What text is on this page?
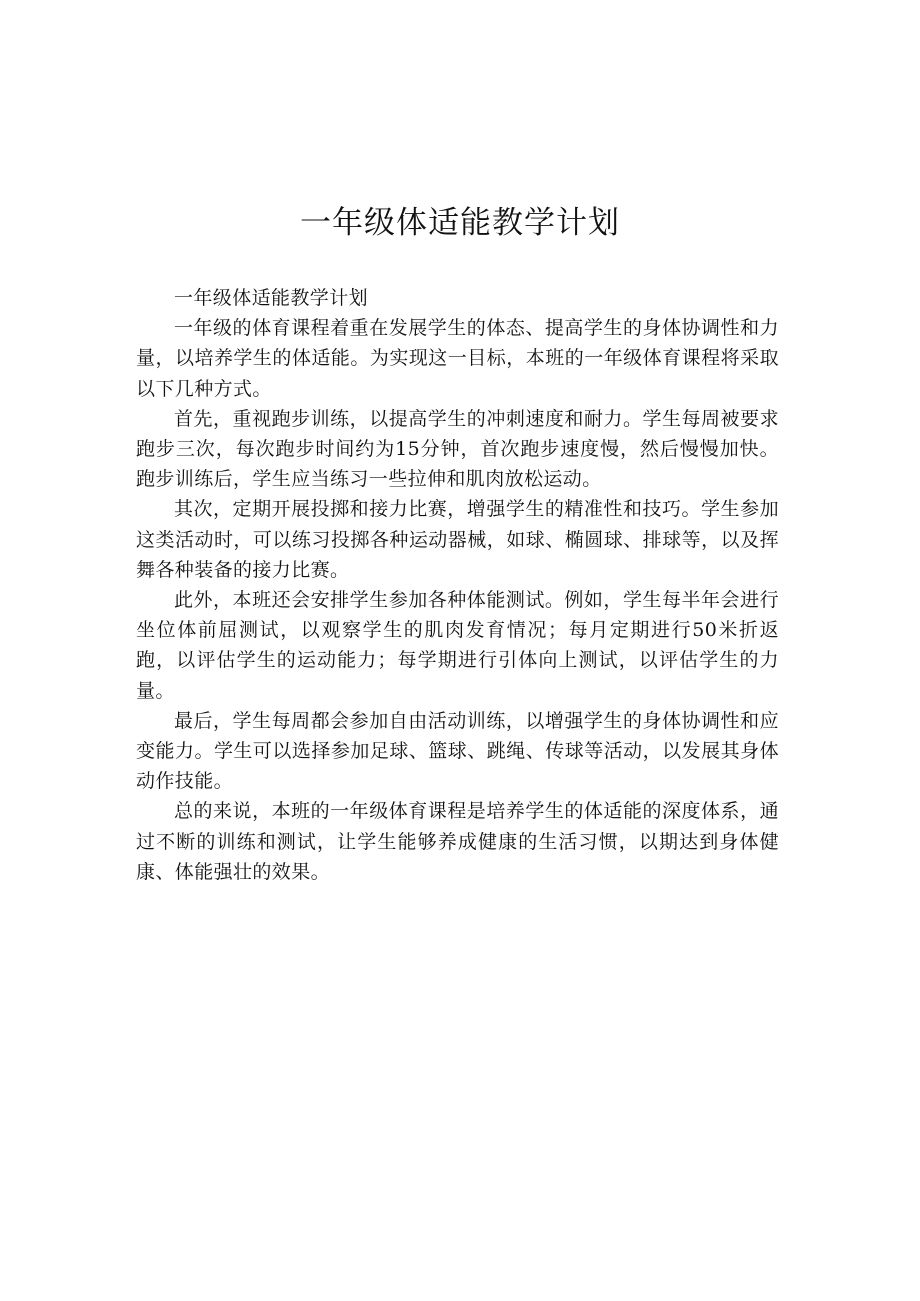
一年级体适能教学计划

一年级体适能教学计划

一年级的体育课程着重在发展学生的体态、提高学生的身体协调性和力量，以培养学生的体适能。为实现这一目标，本班的一年级体育课程将采取以下几种方式。

首先，重视跑步训练，以提高学生的冲刺速度和耐力。学生每周被要求跑步三次，每次跑步时间约为15分钟，首次跑步速度慢，然后慢慢加快。跑步训练后，学生应当练习一些拉伸和肌肉放松运动。

其次，定期开展投掷和接力比赛，增强学生的精准性和技巧。学生参加这类活动时，可以练习投掷各种运动器械，如球、椭圆球、排球等，以及挥舞各种装备的接力比赛。

此外，本班还会安排学生参加各种体能测试。例如，学生每半年会进行坐位体前屈测试，以观察学生的肌肉发育情况；每月定期进行50米折返跑，以评估学生的运动能力；每学期进行引体向上测试，以评估学生的力量。

最后，学生每周都会参加自由活动训练，以增强学生的身体协调性和应变能力。学生可以选择参加足球、篮球、跳绳、传球等活动，以发展其身体动作技能。

总的来说，本班的一年级体育课程是培养学生的体适能的深度体系，通过不断的训练和测试，让学生能够养成健康的生活习惯，以期达到身体健康、体能强壮的效果。
